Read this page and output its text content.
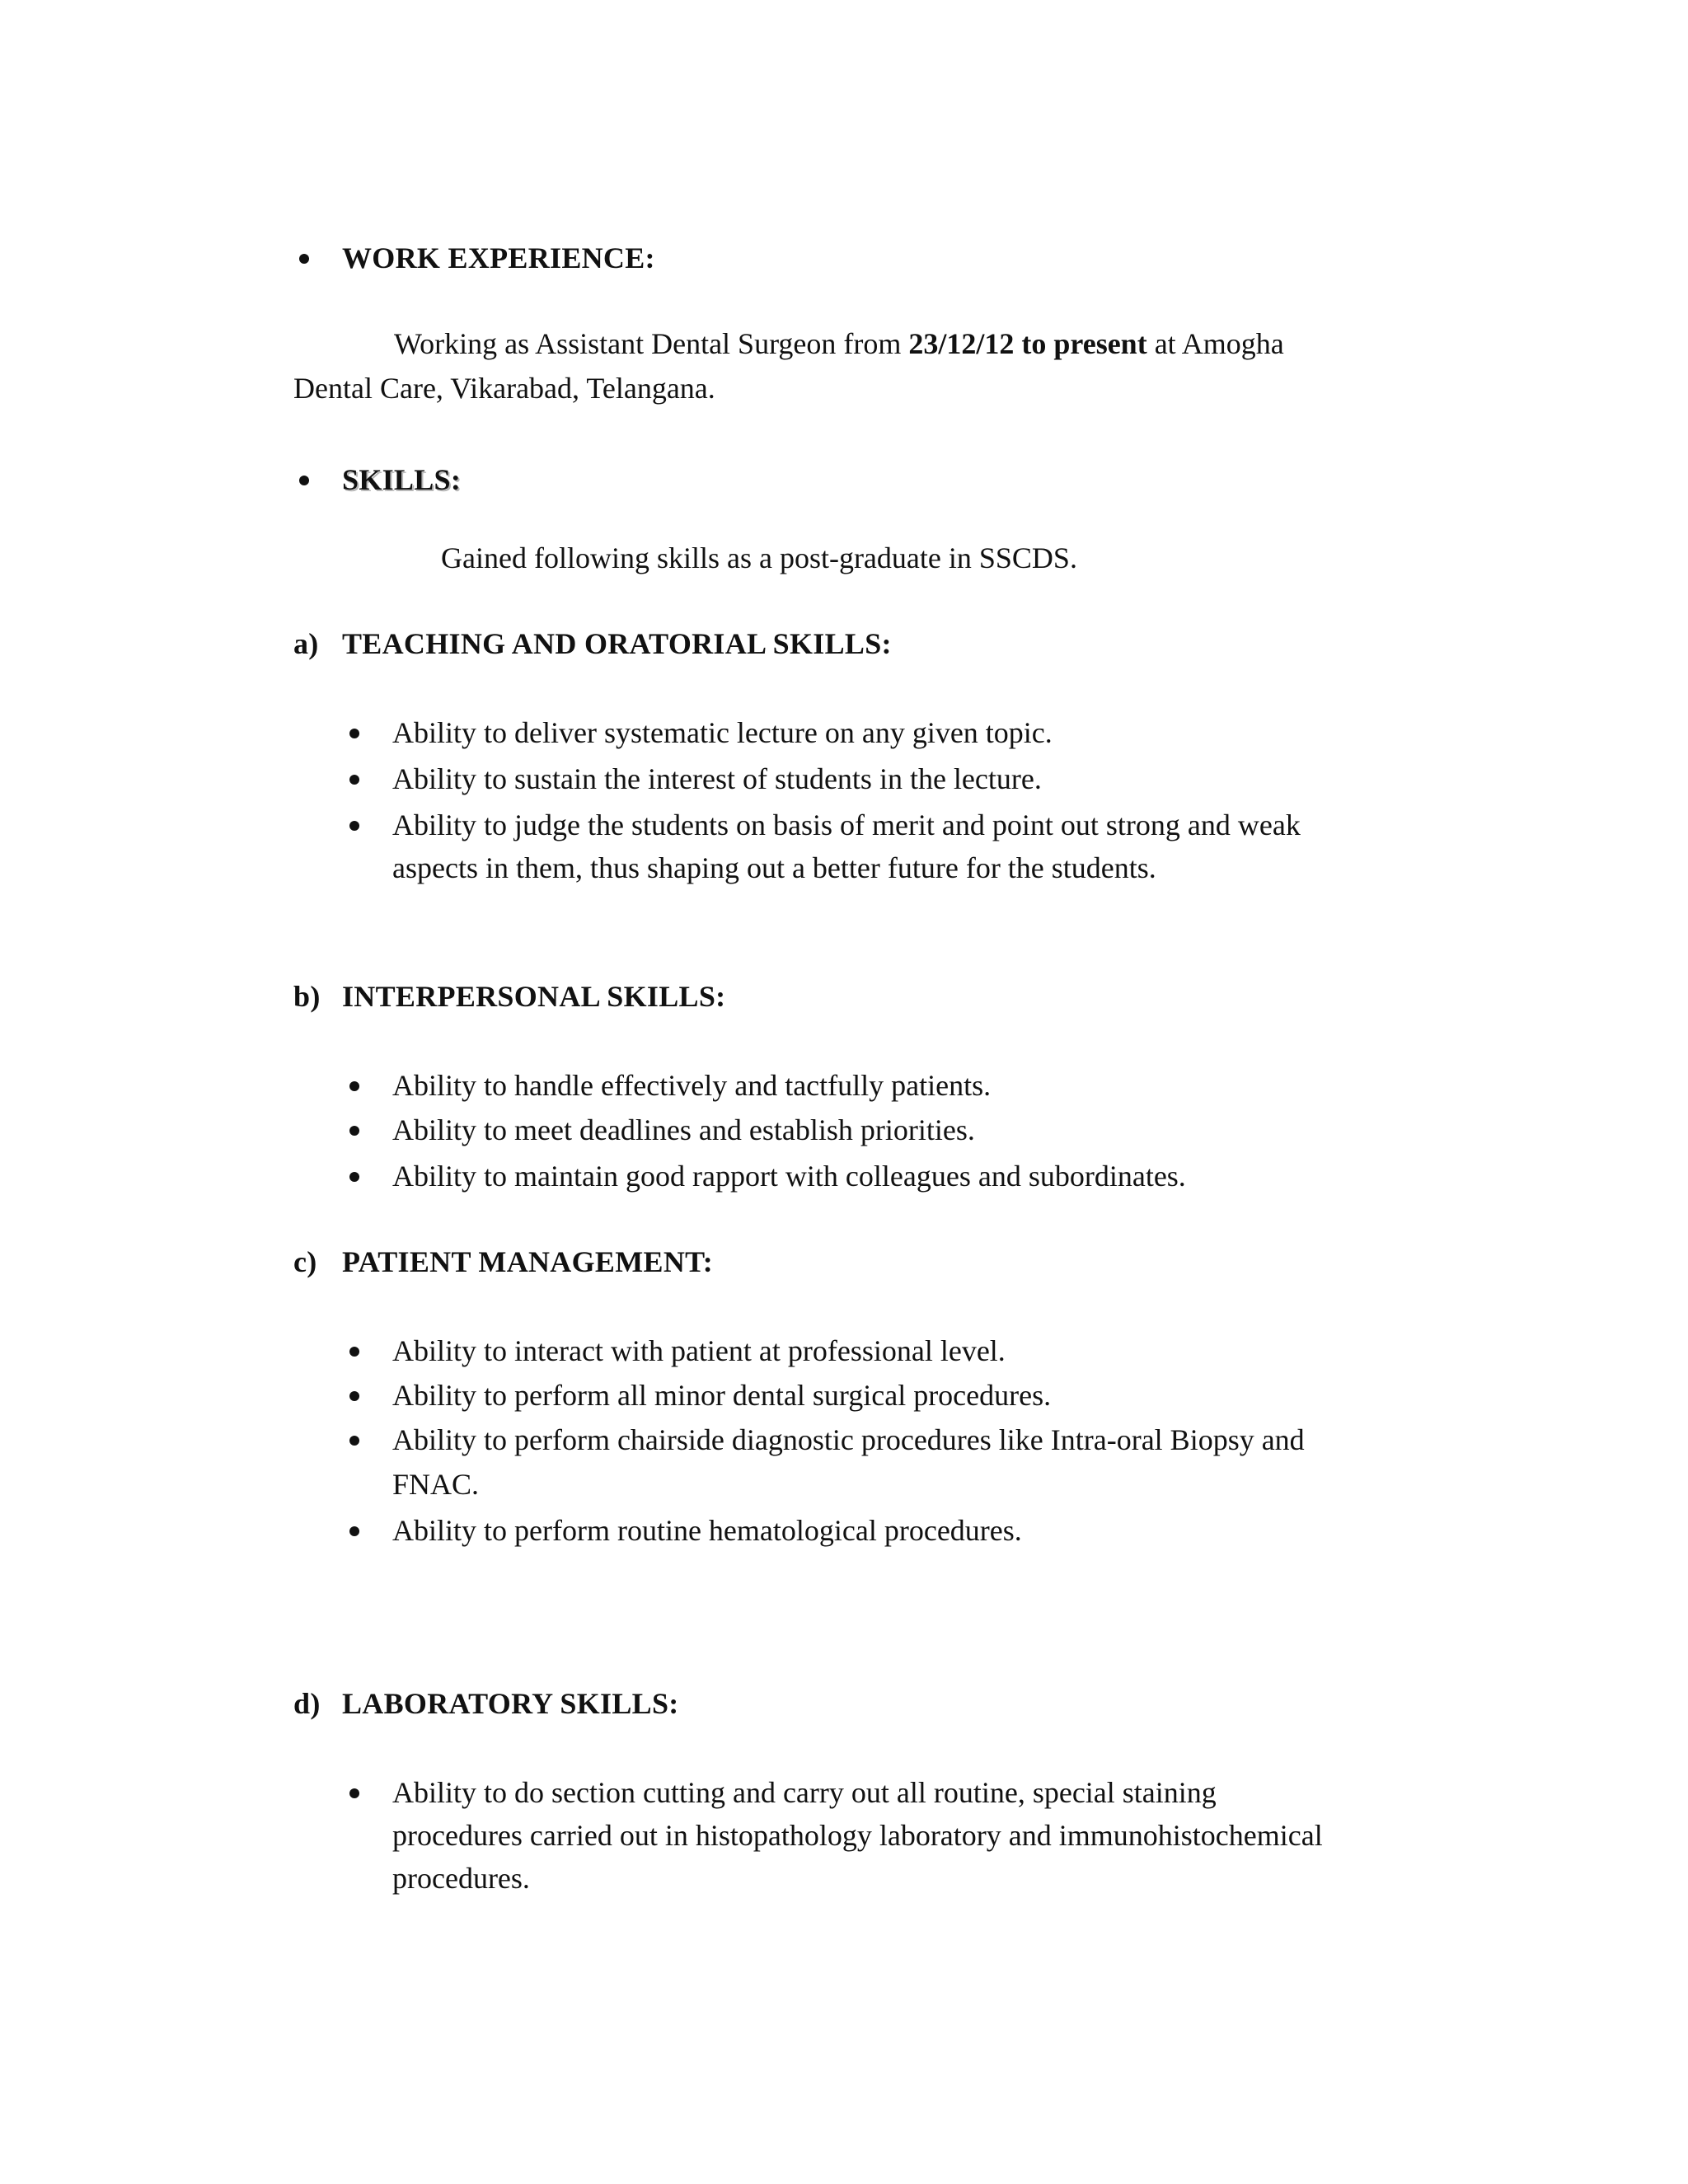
WORK EXPERIENCE:
Working as Assistant Dental Surgeon from 23/12/12 to present at Amogha
Dental Care, Vikarabad, Telangana.
SKILLS:
Gained following skills as a post-graduate in SSCDS.
a) TEACHING AND ORATORIAL SKILLS:
Ability to deliver systematic lecture on any given topic.
Ability to sustain the interest of students in the lecture.
Ability to judge the students on basis of merit and point out strong and weak
aspects in them, thus shaping out a better future for the students.
b) INTERPERSONAL SKILLS:
Ability to handle effectively and tactfully patients.
Ability to meet deadlines and establish priorities.
Ability to maintain good rapport with colleagues and subordinates.
c) PATIENT MANAGEMENT:
Ability to interact with patient at professional level.
Ability to perform all minor dental surgical procedures.
Ability to perform chairside diagnostic procedures like Intra-oral Biopsy and
FNAC.
Ability to perform routine hematological procedures.
d) LABORATORY SKILLS:
Ability to do section cutting and carry out all routine, special staining
procedures carried out in histopathology laboratory and immunohistochemical
procedures.
